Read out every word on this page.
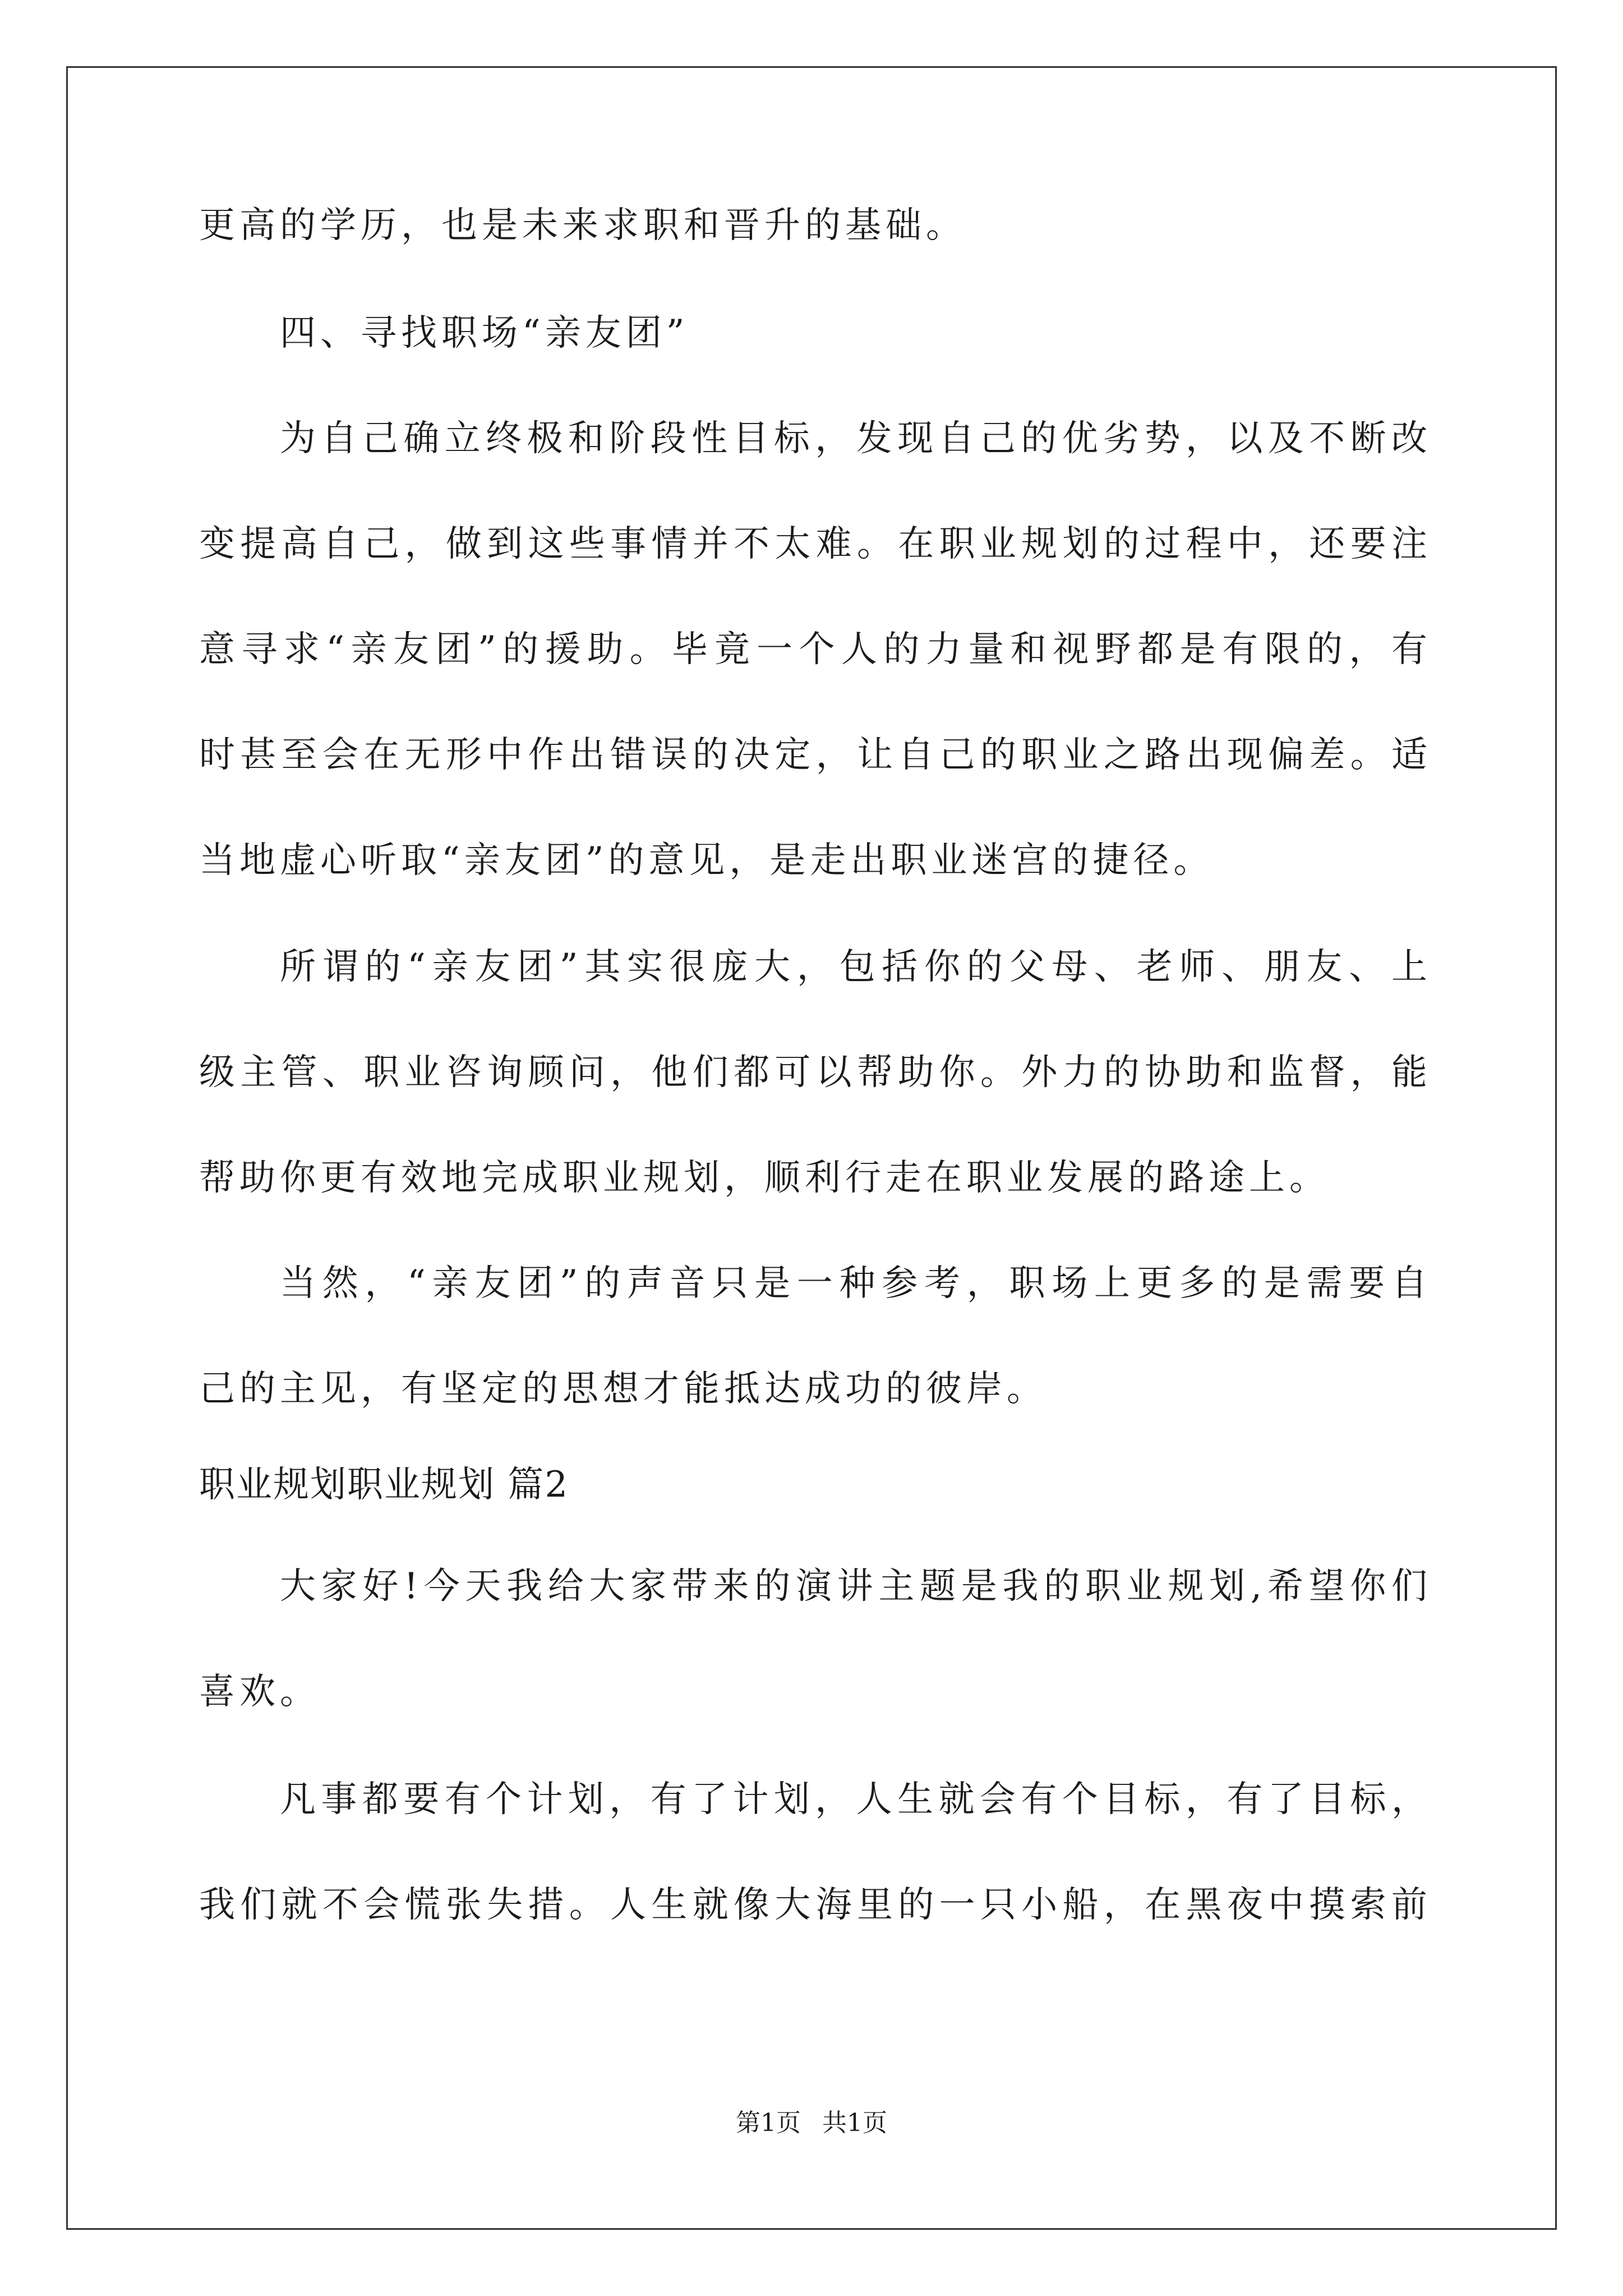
更高的学历，也是未来求职和晋升的基础。
四、寻找职场“亲友团”
为自己确立终极和阶段性目标，发现自己的优劣势，以及不断改
变提高自己，做到这些事情并不太难。在职业规划的过程中，还要注
意寻求“亲友团”的援助。毕竟一个人的力量和视野都是有限的，有
时甚至会在无形中作出错误的决定，让自己的职业之路出现偏差。适
当地虚心听取“亲友团”的意见，是走出职业迷宫的捷径。
所谓的“亲友团”其实很庞大，包括你的父母、老师、朋友、上
级主管、职业咨询顾问，他们都可以帮助你。外力的协助和监督，能
帮助你更有效地完成职业规划，顺利行走在职业发展的路途上。
当然，“亲友团”的声音只是一种参考，职场上更多的是需要自
己的主见，有坚定的思想才能抵达成功的彼岸。
职业规划职业规划 篇2
大家好!今天我给大家带来的演讲主题是我的职业规划,希望你们
喜欢。
凡事都要有个计划，有了计划，人生就会有个目标，有了目标，
我们就不会慌张失措。人生就像大海里的一只小船，在黑夜中摸索前
第1页 共1页
